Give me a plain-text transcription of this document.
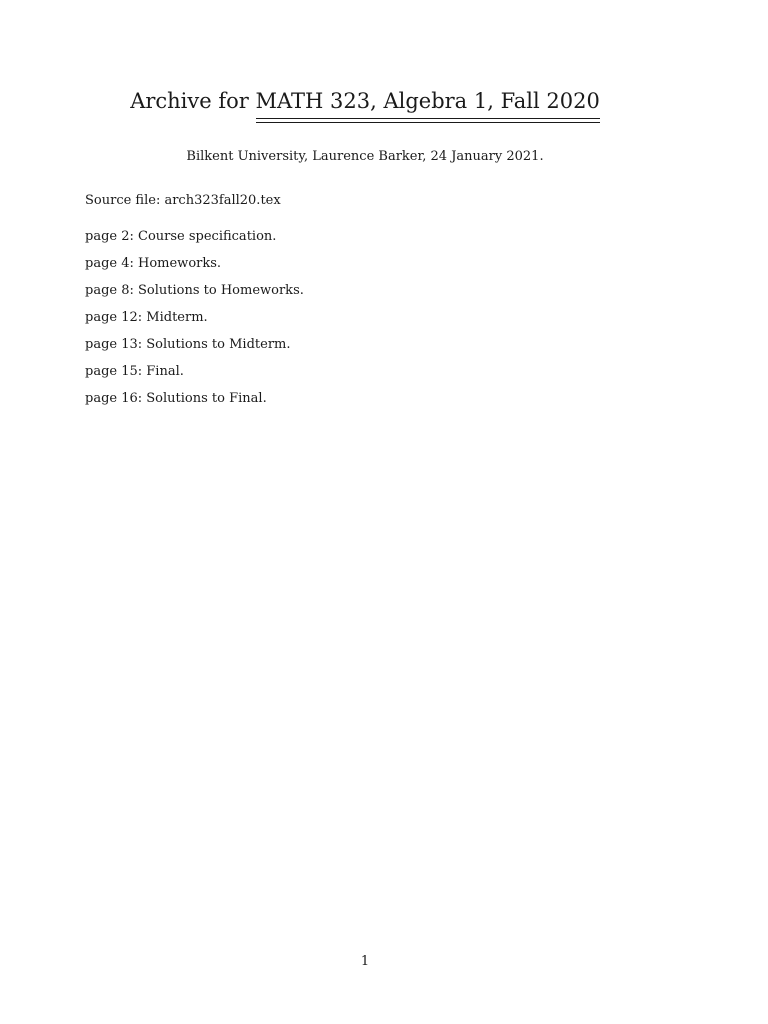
Archive for MATH 323, Algebra 1, Fall 2020
Bilkent University, Laurence Barker, 24 January 2021.
Source file: arch323fall20.tex
page 2: Course specification.
page 4: Homeworks.
page 8: Solutions to Homeworks.
page 12: Midterm.
page 13: Solutions to Midterm.
page 15: Final.
page 16: Solutions to Final.
1
